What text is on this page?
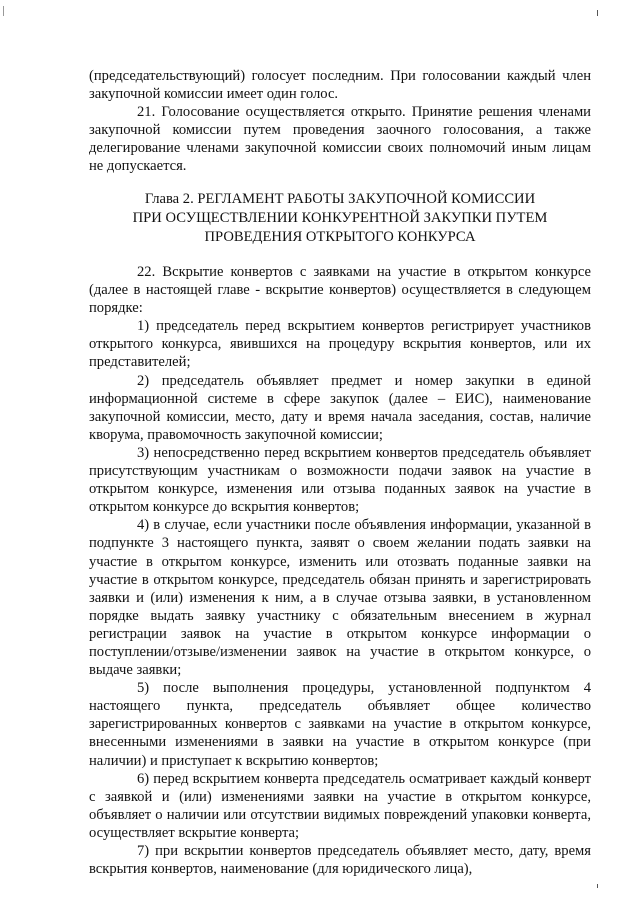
(председательствующий) голосует последним. При голосовании каждый член закупочной комиссии имеет один голос.

21. Голосование осуществляется открыто. Принятие решения членами закупочной комиссии путем проведения заочного голосования, а также делегирование членами закупочной комиссии своих полномочий иным лицам не допускается.

Глава 2. РЕГЛАМЕНТ РАБОТЫ ЗАКУПОЧНОЙ КОМИССИИ

ПРИ ОСУЩЕСТВЛЕНИИ КОНКУРЕНТНОЙ ЗАКУПКИ ПУТЕМ

ПРОВЕДЕНИЯ ОТКРЫТОГО КОНКУРСА

22. Вскрытие конвертов с заявками на участие в открытом конкурсе (далее в настоящей главе - вскрытие конвертов) осуществляется в следующем порядке:

1) председатель перед вскрытием конвертов регистрирует участников открытого конкурса, явившихся на процедуру вскрытия конвертов, или их представителей;

2) председатель объявляет предмет и номер закупки в единой информационной системе в сфере закупок (далее – ЕИС), наименование закупочной комиссии, место, дату и время начала заседания, состав, наличие кворума, правомочность закупочной комиссии;

3) непосредственно перед вскрытием конвертов председатель объявляет присутствующим участникам о возможности подачи заявок на участие в открытом конкурсе, изменения или отзыва поданных заявок на участие в открытом конкурсе до вскрытия конвертов;

4) в случае, если участники после объявления информации, указанной в подпункте 3 настоящего пункта, заявят о своем желании подать заявки на участие в открытом конкурсе, изменить или отозвать поданные заявки на участие в открытом конкурсе, председатель обязан принять и зарегистрировать заявки и (или) изменения к ним, а в случае отзыва заявки, в установленном порядке выдать заявку участнику с обязательным внесением в журнал регистрации заявок на участие в открытом конкурсе информации о поступлении/отзыве/изменении заявок на участие в открытом конкурсе, о выдаче заявки;

5) после выполнения процедуры, установленной подпунктом 4 настоящего пункта, председатель объявляет общее количество зарегистрированных конвертов с заявками на участие в открытом конкурсе, внесенными изменениями в заявки на участие в открытом конкурсе (при наличии) и приступает к вскрытию конвертов;

6) перед вскрытием конверта председатель осматривает каждый конверт с заявкой и (или) изменениями заявки на участие в открытом конкурсе, объявляет о наличии или отсутствии видимых повреждений упаковки конверта, осуществляет вскрытие конверта;

7) при вскрытии конвертов председатель объявляет место, дату, время вскрытия конвертов, наименование (для юридического лица),
